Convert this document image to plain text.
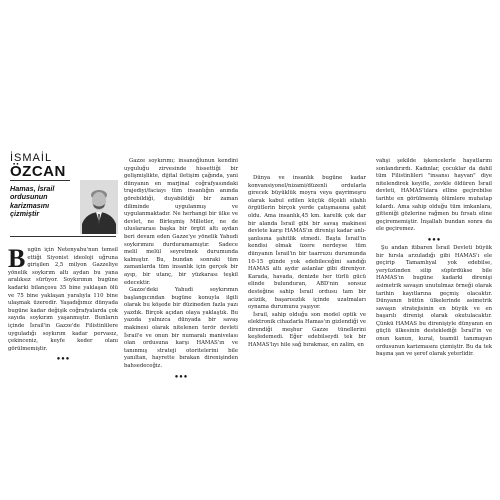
İSMAİL
ÖZCAN
Hamas, İsrail ordusunun karizmasını çizmiştir

Bugün için Netenyahu'nun temsil ettiği Siyonist ideoloji uğruna girişilen 2,5 milyon Gazzeliye yönelik soykırım altı aydan bu yana aralıksız sürüyor. Soykırımın bugüne kadarki bilançosu 35 bine yaklaşan ölü ve 75 bine yaklaşan yaralıyla 110 bine ulaşmak üzeredir. Yaşadığımız dünyada bugüne kadar değişik coğrafyalarda çok sayıda soykırım yaşanmıştır. Bunların içinde İsrail'in Gazze'de Filistinlilere uyguladığı soykırım kadar pervasız, çekinceniz, keyfe keder olanı görülmemiştir.

•••

Gazze soykırımı; insanoğlunun kendini uyguluğu zirvesinde hissettiği bir gelişmişlikte, dijital iletişim çağında, yani dünyanın en marjinal coğrafyasındaki trajediyi/faciayı tüm insanlığın anında görebildiği, duyabildiği bir zaman diliminde uygulanmış ve uygulanmaktadır. Ne herhangi bir ülke ve devlet, ne Birleşmiş Milletler, ne de uluslararası başka bir örgüt altı aydan beri devam eden Gazze'ye yönelik Yahudi soykırımını durduramamıştır. Sadece melil melül seyretmek durumunda kalmıştır. Bu, bundan sonraki tüm zamanlarda tüm insanlık için gerçek bir ayıp, bir utanç, bir yüzkarası teşkil edecektir.

Gazze'deki Yahudi soykırımın başlangıcından bugüne konuyla ilgili olarak bu köşede bir düzineden fazla yazı yazdık. Birçok açıdan olaya yaklaştık. Bu yazıda yalnızca dünyada bir savaş makinesi olarak nitelenen terör devleti İsrail'e ve onun bir numaralı manivelası olan ordusuna karşı HAMAS'ın ve tanınmış strateji otoritelerini bile yanıltan, hayrette bırakan direnişinden bahsedeceğiz.

•••

Dünya ve insanlık bugüne kadar konvansiyonel/nizami/düzenli ordularla girecek büyüklük moyra veya gayrimeşru olarak kabul edilen küçük ölçekli silahlı örgütlerin birçok yerde çatışmasına şahit oldu. Ama insanlık,45 km. karelik çok dar bir alanda İsrail gibi bir savaş makinesi devlete karşı HAMAS'ın direnişi kadar anlı-şanlısına şahitlik etmedi. Başta İsrail'in kendisi olmak üzere nerdeyse tüm dünyanın İsrail'in bir taarruzu durumunda 10-15 günde yok edebileceğini sandığı HAMAS altı aydır aslanlar gibi direniyor. Karada, havada, denizde her türlü gücü elinde bulunduran, ABD'nin sonsuz desteğine sahip İsrail ordusu tam bir aciziik, başarısızlık içinde uzatmaları oynama durumunu yaşıyor.

İsrail, sahip olduğu son model optik ve elektronik cihazlarla Hamas'ın gizlendiği ve direndiği meşhur Gazze tünellerini keşfedemedi. Eğer edebilseydi tek bir HAMAS'lıyı hile sağ bırakmaz, en zalim, en

vahşi şekilde işkencelerle hayatlarını sonlandırırdı. Kadınlar, çocuklar da dahil tüm Filistinlileri "insansı hayvan" diye nitelendirek keyifle, zevkle öldüren İsrail devleti, HAMAS'lılara elline geçirebilse tarihte en görülmemiş ölümlere muhatap kılardı. Ama sahip olduğu tüm imkanlara, gitteniği gözlerine rağmen bu fırsatı eline geçirememiştir. İnşallah bundan sonra da ele geçiremez.

•••

Şu andan itibaren İsrail Devleti büyük bir hırsla arzuladığı gibi HAMAS'ı ele geçirip Tamamlıyal yok edebilse, yeryüzünden silip süpürdükse bile HAMAS'ın bugüne kadarki direnişi asimetrik savaşın unutulmaz örneği olarak tarihin kayıtlarına geçmiş olacaktır. Dünyanın bütün ülkelerinde asimetrik savaşın stratejisinin en büyük ve en başarılı direnişi olarak okutulacaktır. Çünkü HAMAS bu direnişiyle dünyanın en güçlü ülkesinin desteklediği İsrail'in ve onun kanun, kural, teamül tanımayan ordusunun karizmasını çizmiştir. Bu da tek başına şan ve şeref olarak yeterlidir.
